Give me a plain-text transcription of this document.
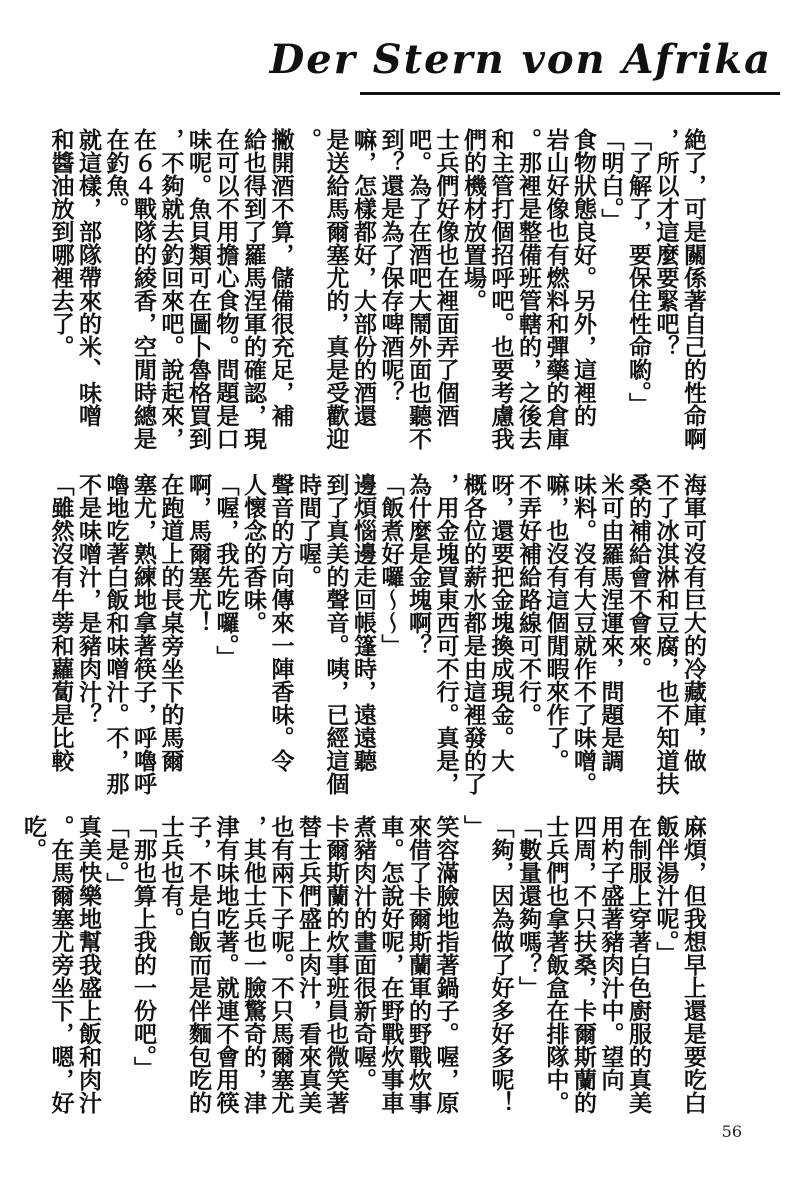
Der Stern von Afrika

絶了，可是關係著自己的性命啊

，所以才這麼要緊吧？

「了解了，要保住性命喲。」

「明白。」

食物狀態良好。另外，這裡的

岩山好像也有燃料和彈藥的倉庫

。那裡是整備班管轄的，之後去

和主管打個招呼吧。也要考慮我

們的機材放置場。

士兵們好像也在裡面弄了個酒

吧。為了在酒吧大鬧外面也聽不

到？還是為了保存啤酒呢？

嘛，怎樣都好，大部份的酒還

是送給馬爾塞尤的，真是受歡迎

。

撇開酒不算，儲備很充足，補

給也得到了羅馬涅軍的確認，現

在可以不用擔心食物。問題是口

味呢。魚貝類可在圖卜魯格買到

，不夠就去釣回來吧。說起來，

在６４戰隊的綾香，空閒時總是

在釣魚。

就這樣，部隊帶來的米、味噌

和醬油放到哪裡去了。

海軍可沒有巨大的冷藏庫，做

不了冰淇淋和豆腐，也不知道扶

桑的補給會不會來。

米可由羅馬涅運來，問題是調

味料。沒有大豆就作不了味噌。

嘛，也沒有這個閒暇來作了。

不弄好補給路線可不行。

呀，還要把金塊換成現金。大

概各位的薪水都是由這裡發的了

，用金塊買東西可不行。真是，

為什麼是金塊啊？

「飯煮好囉～～」

邊煩惱邊走回帳篷時，遠遠聽

到了真美的聲音。咦，已經這個

時間了喔。

聲音的方向傳來一陣香味。令

人懷念的香味。

「喔，我先吃囉。」

啊，馬爾塞尤！

在跑道上的長桌旁坐下的馬爾

塞尤，熟練地拿著筷子，呼嚕呼

嚕地吃著白飯和味噌汁。不，那

不是味噌汁，是豬肉汁？

「雖然沒有牛蒡和蘿蔔是比較

麻煩，但我想早上還是要吃白

飯伴湯汁呢。」

在制服上穿著白色廚服的真美

用杓子盛著豬肉汁中。望向

四周，不只扶桑，卡爾斯蘭的

士兵們也拿著飯盒在排隊中。

「數量還夠嗎？」

「夠，因為做了好多好多呢！

」

笑容滿臉地指著鍋子。喔，原

來借了卡爾斯蘭軍的野戰炊事

車。怎說好呢，在野戰炊事車

煮豬肉汁的畫面很新奇喔。

卡爾斯蘭的炊事班員也微笑著

替士兵們盛上肉汁，看來真美

也有兩下子呢。不只馬爾塞尤

，其他士兵也一臉驚奇的，津

津有味地吃著。就連不會用筷

子，不是白飯而是伴麵包吃的

士兵也有。

「那也算上我的一份吧。」

「是。」

真美快樂地幫我盛上飯和肉汁

。在馬爾塞尤旁坐下，嗯，好

吃。

56
